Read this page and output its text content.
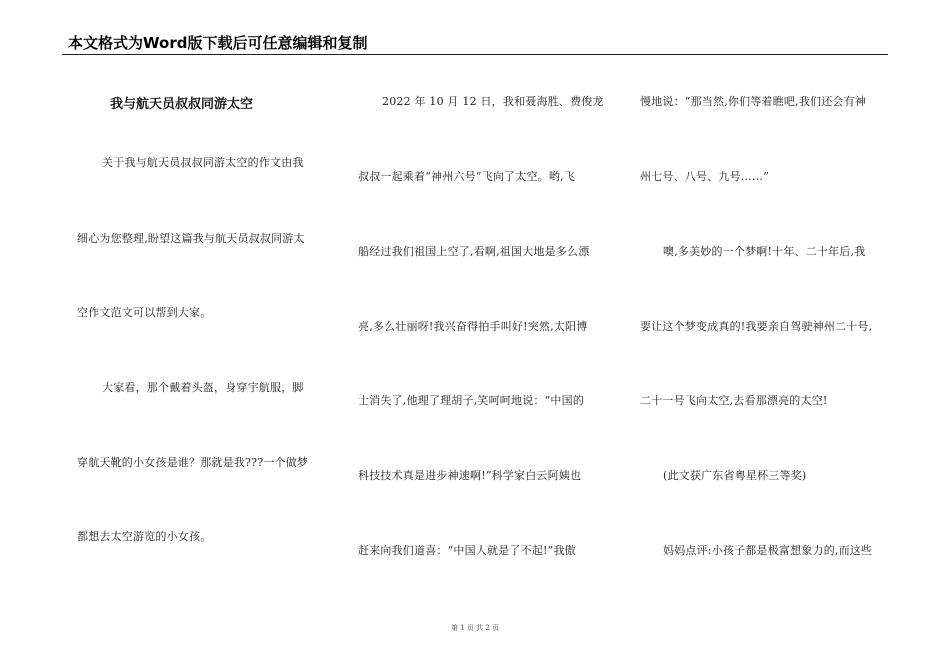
本文格式为Word版下载后可任意编辑和复制
我与航天员叔叔同游太空
关于我与航天员叔叔同游太空的作文由我
细心为您整理,盼望这篇我与航天员叔叔同游太
空作文范文可以帮到大家。
大家看，那个戴着头盔，身穿宇航服，脚
穿航天靴的小女孩是谁？那就是我???一个做梦
都想去太空游览的小女孩。
2022 年 10 月 12 日，我和聂海胜、费俊龙
叔叔一起乘着“神州六号”飞向了太空。哟,飞
船经过我们祖国上空了,看啊,祖国大地是多么漂
亮,多么壮丽呀!我兴奋得拍手叫好!突然,太阳博
士消失了,他理了理胡子,笑呵呵地说：“中国的
科技技术真是进步神速啊!”科学家白云阿姨也
赶来向我们道喜：“中国人就是了不起!”我傲
慢地说：“那当然,你们等着瞧吧,我们还会有神
州七号、八号、九号……”
噢,多美妙的一个梦啊!十年、二十年后,我
要让这个梦变成真的!我要亲自驾驶神州二十号,
二十一号飞向太空,去看那漂亮的太空!
(此文获广东省粤星杯三等奖)
妈妈点评:小孩子都是极富想象力的,而这些
第 1 页 共 2 页
